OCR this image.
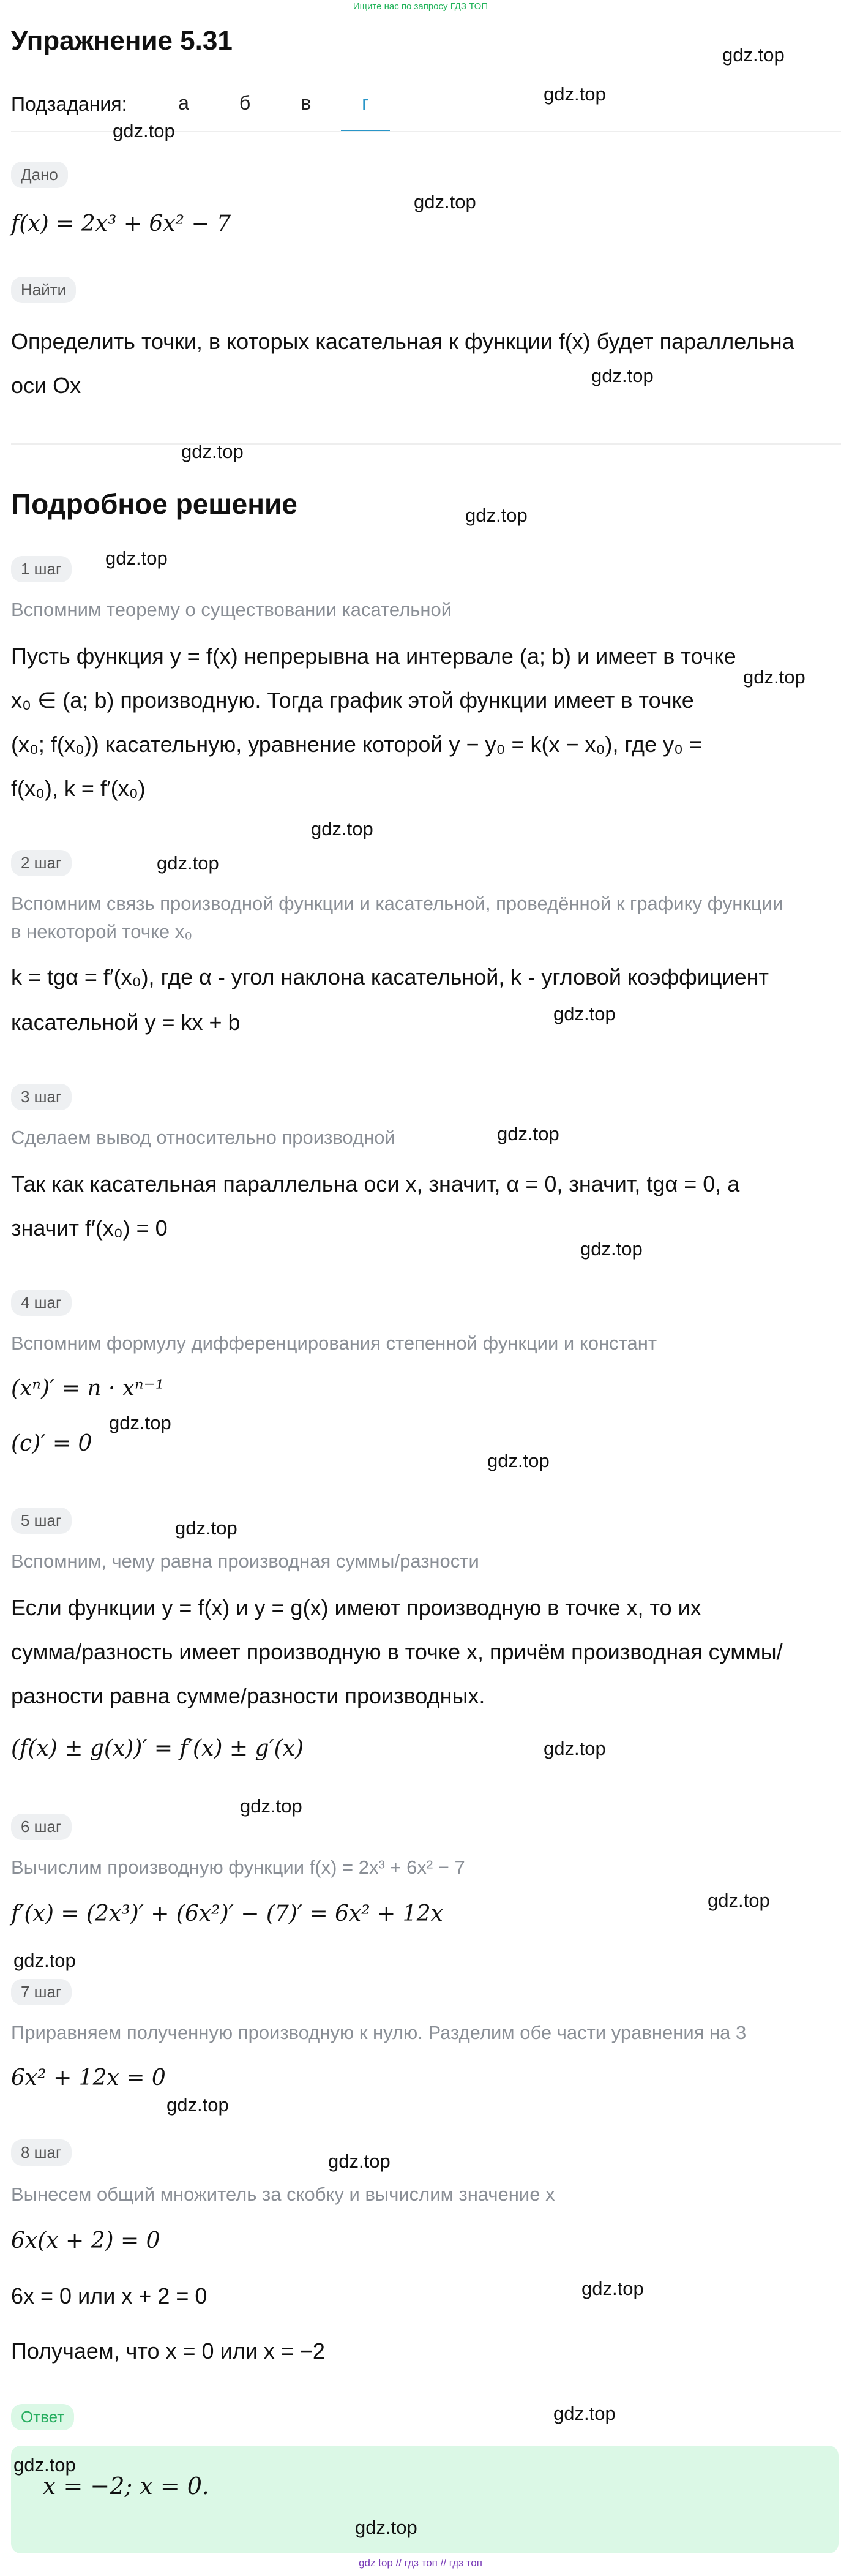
Ищите нас по запросу ГДЗ ТОП
Упражнение 5.31
Подзадания:	а	б	в	г
Дано
f(x) = 2x³ + 6x² − 7
Найти
Определить точки, в которых касательная к функции f(x) будет параллельна
оси Ox
Подробное решение
1 шаг
Вспомним теорему о существовании касательной
Пусть функция y = f(x) непрерывна на интервале (a; b) и имеет в точке
x₀ ∈ (a; b) производную. Тогда график этой функции имеет в точке
(x₀; f(x₀)) касательную, уравнение которой y − y₀ = k(x − x₀), где y₀ =
f(x₀), k = f′(x₀)
2 шаг
Вспомним связь производной функции и касательной, проведённой к графику функции
в некоторой точке x₀
k = tgα = f′(x₀), где α - угол наклона касательной, k - угловой коэффициент
касательной y = kx + b
3 шаг
Сделаем вывод относительно производной
Так как касательная параллельна оси x, значит, α = 0, значит, tgα = 0, а
значит f′(x₀) = 0
4 шаг
Вспомним формулу дифференцирования степенной функции и констант
(xⁿ)′ = n · xⁿ⁻¹
(c)′ = 0
5 шаг
Вспомним, чему равна производная суммы/разности
Если функции y = f(x) и y = g(x) имеют производную в точке x, то их
сумма/разность имеет производную в точке x, причём производная суммы/
разности равна сумме/разности производных.
(f(x) ± g(x))′ = f′(x) ± g′(x)
6 шаг
Вычислим производную функции f(x) = 2x³ + 6x² − 7
f′(x) = (2x³)′ + (6x²)′ − (7)′ = 6x² + 12x
7 шаг
Приравняем полученную производную к нулю. Разделим обе части уравнения на 3
6x² + 12x = 0
8 шаг
Вынесем общий множитель за скобку и вычислим значение x
6x(x + 2) = 0
6x = 0 или x + 2 = 0
Получаем, что x = 0 или x = −2
Ответ
x = −2; x = 0.
gdz.top
gdz.top
gdz.top
gdz.top
gdz.top
gdz.top
gdz.top
gdz.top
gdz.top
gdz.top
gdz.top
gdz.top
gdz.top
gdz.top
gdz.top
gdz.top
gdz.top
gdz.top
gdz.top
gdz.top
gdz.top
gdz.top
gdz.top
gdz.top
gdz.top
gdz.top
gdz.top
gdz top // гдз топ // гдз топ
